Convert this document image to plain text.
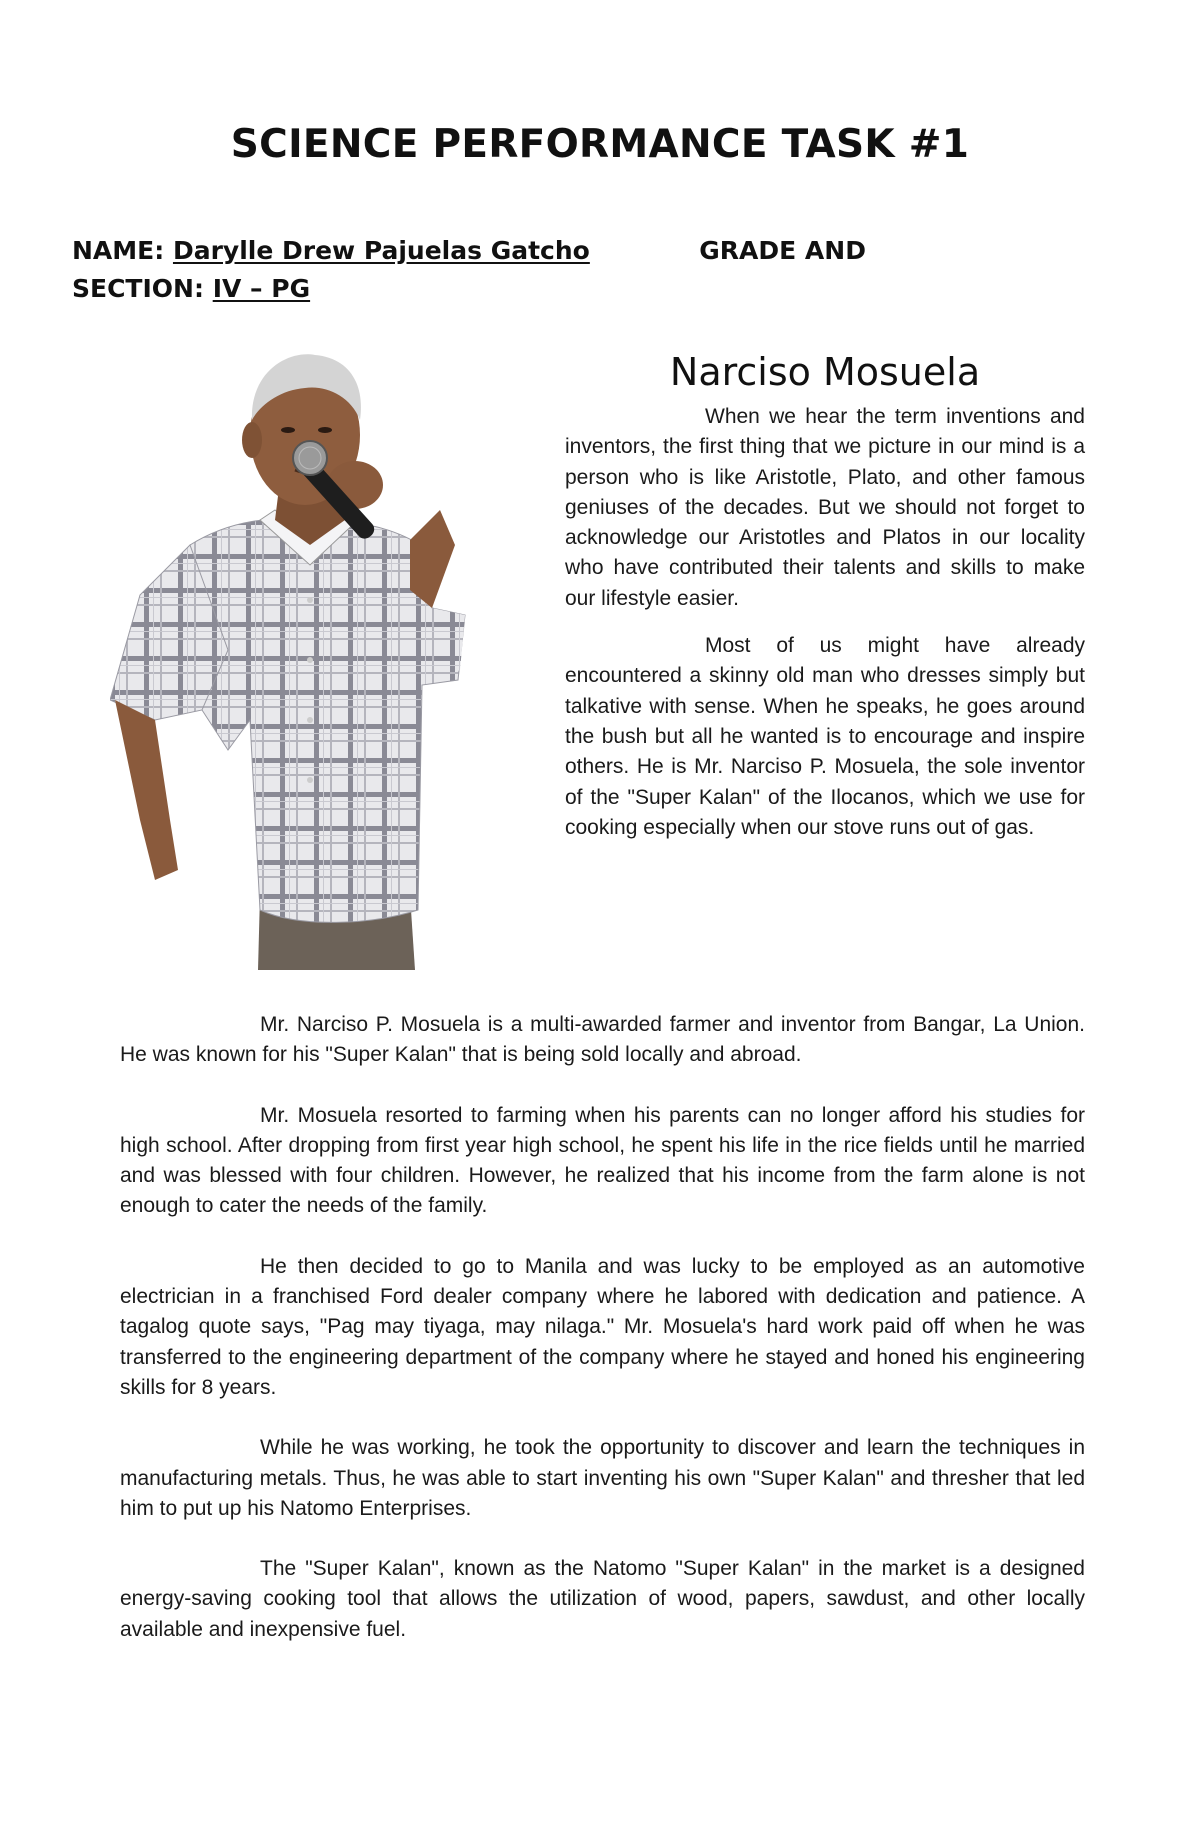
SCIENCE PERFORMANCE TASK #1
NAME: Darylle Drew Pajuelas Gatcho	GRADE AND
SECTION: IV – PG
Narciso Mosuela

When we hear the term inventions and inventors, the first thing that we picture in our mind is a person who is like Aristotle, Plato, and other famous geniuses of the decades. But we should not forget to acknowledge our Aristotles and Platos in our locality who have contributed their talents and skills to make our lifestyle easier.

Most of us might have already encountered a skinny old man who dresses simply but talkative with sense. When he speaks, he goes around the bush but all he wanted is to encourage and inspire others. He is Mr. Narciso P. Mosuela, the sole inventor of the "Super Kalan" of the Ilocanos, which we use for cooking especially when our stove runs out of gas.

Mr. Narciso P. Mosuela is a multi-awarded farmer and inventor from Bangar, La Union. He was known for his "Super Kalan" that is being sold locally and abroad.

Mr. Mosuela resorted to farming when his parents can no longer afford his studies for high school. After dropping from first year high school, he spent his life in the rice fields until he married and was blessed with four children. However, he realized that his income from the farm alone is not enough to cater the needs of the family.

He then decided to go to Manila and was lucky to be employed as an automotive electrician in a franchised Ford dealer company where he labored with dedication and patience. A tagalog quote says, "Pag may tiyaga, may nilaga." Mr. Mosuela's hard work paid off when he was transferred to the engineering department of the company where he stayed and honed his engineering skills for 8 years.

While he was working, he took the opportunity to discover and learn the techniques in manufacturing metals. Thus, he was able to start inventing his own "Super Kalan" and thresher that led him to put up his Natomo Enterprises.

The "Super Kalan", known as the Natomo "Super Kalan" in the market is a designed energy-saving cooking tool that allows the utilization of wood, papers, sawdust, and other locally available and inexpensive fuel.
